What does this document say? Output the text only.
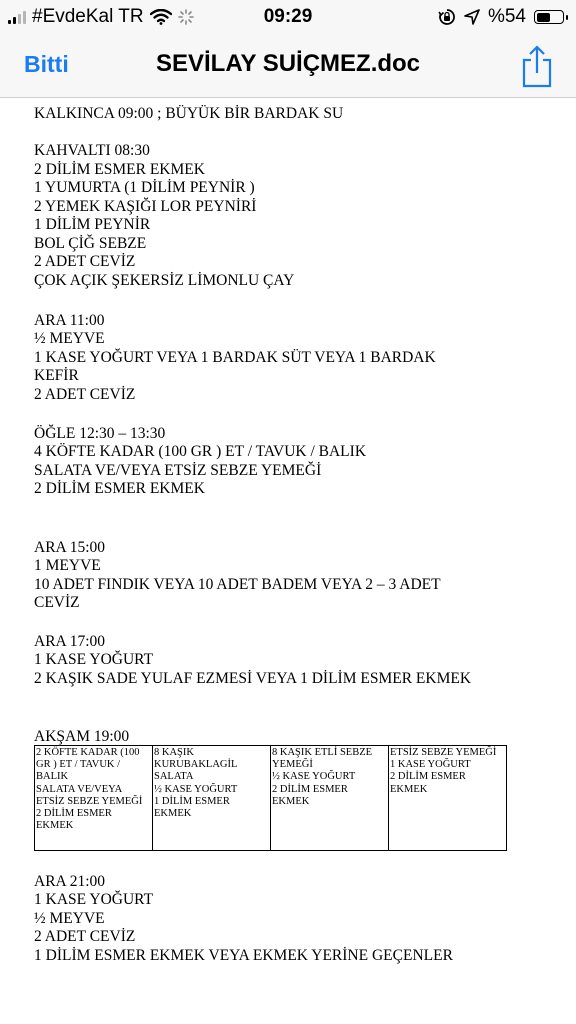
#EvdeKal TR	09:29	%54
Bitti	SEVİLAY SUİÇMEZ.doc
KALKINCA 09:00 ; BÜYÜK BİR BARDAK SU
KAHVALTI 08:30
2 DİLİM ESMER EKMEK
1 YUMURTA (1 DİLİM PEYNİR )
2 YEMEK KAŞIĞI LOR PEYNİRİ
1 DİLİM PEYNİR
BOL ÇİĞ SEBZE
2 ADET CEVİZ
ÇOK AÇIK ŞEKERSİZ LİMONLU ÇAY
ARA 11:00
½ MEYVE
1 KASE YOĞURT VEYA 1 BARDAK SÜT VEYA 1 BARDAK
KEFİR
2 ADET CEVİZ
ÖĞLE 12:30 – 13:30
4 KÖFTE KADAR (100 GR ) ET / TAVUK / BALIK
SALATA VE/VEYA ETSİZ SEBZE YEMEĞİ
2 DİLİM ESMER EKMEK
ARA 15:00
1 MEYVE
10 ADET FINDIK VEYA 10 ADET BADEM VEYA 2 – 3 ADET
CEVİZ
ARA 17:00
1 KASE YOĞURT
2 KAŞIK SADE YULAF EZMESİ VEYA 1 DİLİM ESMER EKMEK
AKŞAM 19:00
2 KÖFTE KADAR (100
GR ) ET / TAVUK /
BALIK
SALATA VE/VEYA
ETSİZ SEBZE YEMEĞİ
2 DİLİM ESMER
EKMEK	8 KAŞIK
KURUBAKLAGİL
SALATA
½ KASE YOĞURT
1 DİLİM ESMER
EKMEK	8 KAŞIK ETLİ SEBZE
YEMEĞİ
½ KASE YOĞURT
2 DİLİM ESMER
EKMEK	ETSİZ SEBZE YEMEĞİ
1 KASE YOĞURT
2 DİLİM ESMER
EKMEK
ARA 21:00
1 KASE YOĞURT
½ MEYVE
2 ADET CEVİZ
1 DİLİM ESMER EKMEK VEYA EKMEK YERİNE GEÇENLER
